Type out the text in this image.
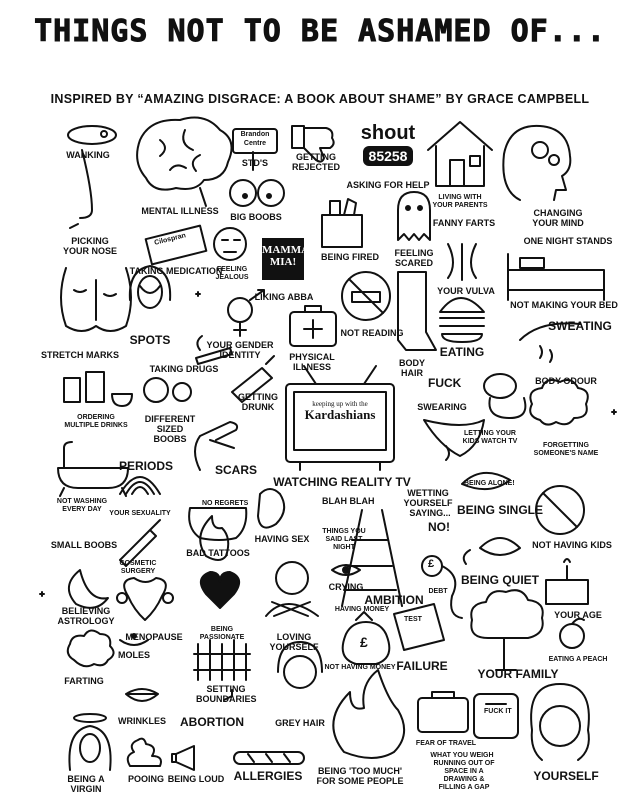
THINGS NOT TO BE ASHAMED OF...
INSPIRED BY “AMAZING DISGRACE: A BOOK ABOUT SHAME” BY GRACE CAMPBELL
Brandon Centre	shout
85258
Cilospran
MAMMA MIA!
keeping up with the
Kardashians
FUCK
FUCK IT
NO REGRETS	BLAH BLAH
NO!
BEING ALONE!
TEST
£
£
WANKING
MENTAL ILLNESS
STD'S
GETTING REJECTED
ASKING FOR HELP
LIVING WITH YOUR PARENTS
FANNY FARTS
CHANGING YOUR MIND
ONE NIGHT STANDS
PICKING YOUR NOSE
BIG BOOBS
TAKING MEDICATION
FEELING JEALOUS
LIKING ABBA
BEING FIRED	FEELING SCARED
YOUR VULVA
NOT MAKING YOUR BED
SWEATING
STRETCH MARKS
SPOTS	YOUR GENDER IDENTITY	PHYSICAL ILLNESS
NOT READING
BODY HAIR
EATING
BODY ODOUR
TAKING DRUGS
GETTING DRUNK	SWEARING
ORDERING MULTIPLE DRINKS
DIFFERENT SIZED BOOBS
LETTING YOUR KIDS WATCH TV
FORGETTING SOMEONE'S NAME
PERIODS	SCARS
WATCHING REALITY TV
WETTING YOURSELF
NOT WASHING EVERY DAY
YOUR SEXUALITY	SAYING... BEING SINGLE
SMALL BOOBS
BAD TATTOOS
HAVING SEX
THINGS YOU SAID LAST NIGHT	NOT HAVING KIDS
COSMETIC SURGERY
CRYING	BEING QUIET
BELIEVING ASTROLOGY
AMBITION
DEBT
HAVING MONEY
YOUR AGE
MENOPAUSE
BEING PASSIONATE	LOVING YOURSELF
EATING A PEACH
MOLES
NOT HAVING MONEY FAILURE
YOUR FAMILY
FARTING
SETTING BOUNDARIES
WRINKLES ABORTION	GREY HAIR
FEAR OF TRAVEL
WHAT YOU WEIGH
BEING A VIRGIN
POOING BEING LOUD ALLERGIES	BEING 'TOO MUCH' FOR SOME PEOPLE
RUNNING OUT OF SPACE IN A DRAWING & FILLING A GAP
YOURSELF
